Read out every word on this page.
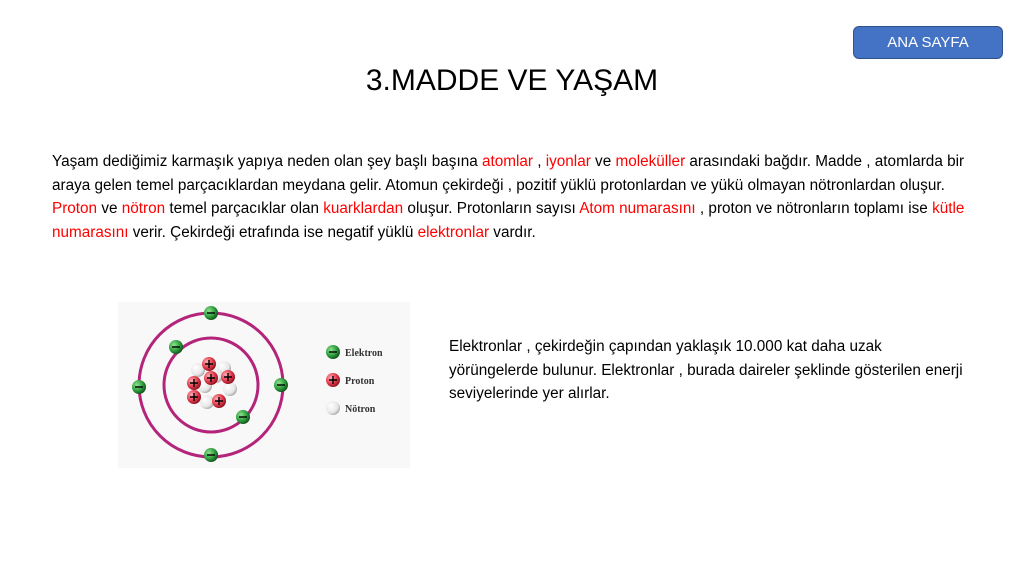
ANA SAYFA
3.MADDE VE YAŞAM
Yaşam dediğimiz karmaşık yapıya neden olan şey başlı başına atomlar , iyonlar ve moleküller arasındaki bağdır. Madde , atomlarda bir araya gelen temel parçacıklardan meydana gelir. Atomun çekirdeği , pozitif yüklü protonlardan ve yükü olmayan nötronlardan oluşur. Proton ve nötron temel parçacıklar olan kuarklardan oluşur. Protonların sayısı Atom numarasını , proton ve nötronların toplamı ise kütle numarasını verir. Çekirdeği etrafında ise negatif yüklü elektronlar vardır.
Elektron
Proton
Nötron
Elektronlar , çekirdeğin çapından yaklaşık 10.000 kat daha uzak yörüngelerde bulunur. Elektronlar , burada daireler şeklinde gösterilen enerji seviyelerinde yer alırlar.
